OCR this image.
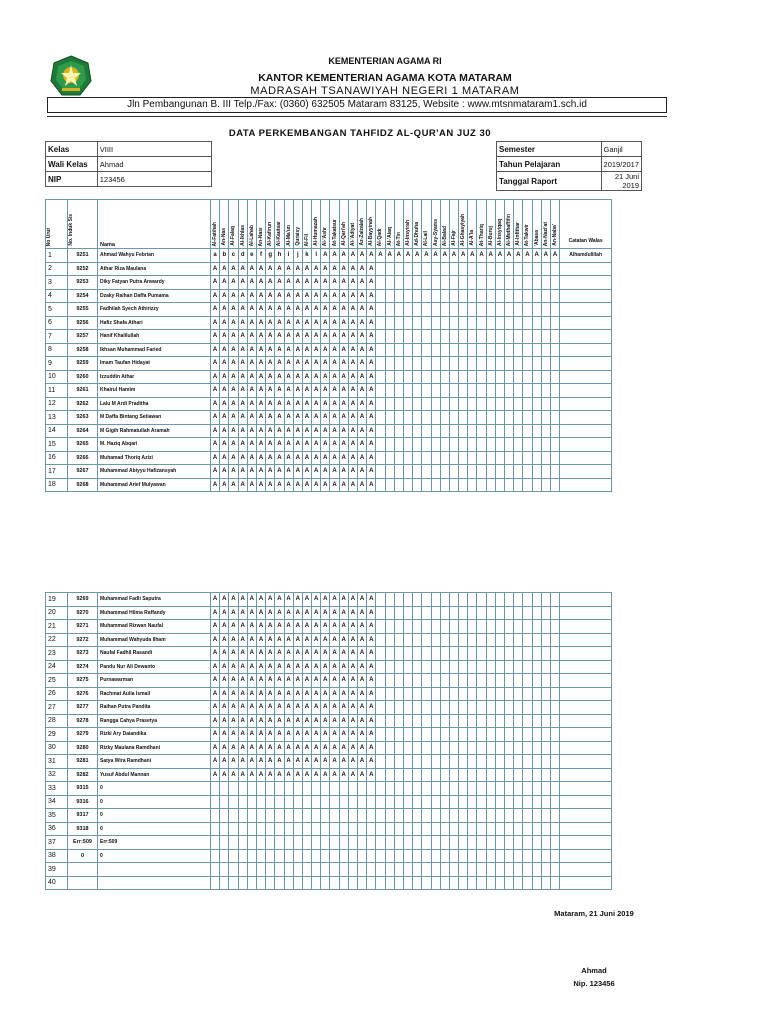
KEMENTERIAN AGAMA RI
KANTOR KEMENTERIAN AGAMA KOTA MATARAM
MADRASAH TSANAWIYAH NEGERI 1 MATARAM
Jln Pembangunan B. III Telp./Fax: (0360) 632505 Mataram 83125, Website : www.mtsnmataram1.sch.id
DATA PERKEMBANGAN TAHFIDZ AL-QUR'AN JUZ 30
Kelas	VIIII
Wali Kelas	Ahmad
NIP	123456
Semester	Ganjil
Tahun Pelajaran	2019/2017
Tanggal Raport	21 Juni 2019
No Urut	No. Induk Sis	Nama	Al-Fatihah	An-Nas	Al-Falaq	Al-Ikhlas	Al-Lahab	An-Nasr	Al-Kafirun	Al-Kautsar	Al-Ma'un	Quraisy	Al-Fil	Al-Humazah	Al-'Ashr	At-Takatsur	Al-Qari'ah	Al-'Adiyat	Az-Zalzalah	Al-Bayyinah	Al-Qadr	Al-'Alaq	At-Tin	Al-Insyirah	Ad-Dhuha	Al-Lail	Asy-Syams	Al-Balad	Al-Fajr	Al-Ghasyiyah	Al-A'la	At-Thariq	Al-Buruj	Al-Insyiqaq	Al-Muthaffifin	Al-Infithar	At-Takwir	'Abasa	An-Nazi'at	An-Naba'	Catatan Walas
1	9251	Ahmad Wahyu Febrian	a	b	c	d	e	f	g	h	i	j	k	l	A	A	A	A	A	A	A	A	A	A	A	A	A	A	A	A	A	A	A	A	A	A	A	A	A	A	Alhamdulillah
2	9252	Athar Riza Maulana	A	A	A	A	A	A	A	A	A	A	A	A	A	A	A	A	A	A																					
3	9253	Diky Fatyan Putra Anwardy	A	A	A	A	A	A	A	A	A	A	A	A	A	A	A	A	A	A																					
4	9254	Dzaky Raihan Daffa Pumama	A	A	A	A	A	A	A	A	A	A	A	A	A	A	A	A	A	A																					
5	9255	Fadhilah Syech Athirizzy	A	A	A	A	A	A	A	A	A	A	A	A	A	A	A	A	A	A																					
6	9256	Hafiz Shafa Athari	A	A	A	A	A	A	A	A	A	A	A	A	A	A	A	A	A	A																					
7	9257	Hanif Khalilullah	A	A	A	A	A	A	A	A	A	A	A	A	A	A	A	A	A	A																					
8	9258	Ikhsan Muhammad Faried	A	A	A	A	A	A	A	A	A	A	A	A	A	A	A	A	A	A																					
9	9259	Imam Taufan Hidayat	A	A	A	A	A	A	A	A	A	A	A	A	A	A	A	A	A	A																					
10	9260	Izzuddin Athar	A	A	A	A	A	A	A	A	A	A	A	A	A	A	A	A	A	A																					
11	9261	Khairul Hamim	A	A	A	A	A	A	A	A	A	A	A	A	A	A	A	A	A	A																					
12	9262	Lalu M Ardi Praditha	A	A	A	A	A	A	A	A	A	A	A	A	A	A	A	A	A	A																					
13	9263	M Daffa Bintang Setiawan	A	A	A	A	A	A	A	A	A	A	A	A	A	A	A	A	A	A																					
14	9264	M Gigih Rahmatullah Aramah	A	A	A	A	A	A	A	A	A	A	A	A	A	A	A	A	A	A																					
15	9265	M. Haziq Abqari	A	A	A	A	A	A	A	A	A	A	A	A	A	A	A	A	A	A																					
16	9266	Muhamad Thoriq Azizi	A	A	A	A	A	A	A	A	A	A	A	A	A	A	A	A	A	A																					
17	9267	Muhammad Abiyyu Hafizansyah	A	A	A	A	A	A	A	A	A	A	A	A	A	A	A	A	A	A																					
18	9268	Muhammad Arief Mulyawan	A	A	A	A	A	A	A	A	A	A	A	A	A	A	A	A	A	A																					
19	9269	Muhammad Fadli Saputra	A	A	A	A	A	A	A	A	A	A	A	A	A	A	A	A	A	A																					
20	9270	Muhammad Hilma Raffandy	A	A	A	A	A	A	A	A	A	A	A	A	A	A	A	A	A	A																					
21	9271	Muhammad Rizwan Naufal	A	A	A	A	A	A	A	A	A	A	A	A	A	A	A	A	A	A																					
22	9272	Muhammad Wahyuda Ilham	A	A	A	A	A	A	A	A	A	A	A	A	A	A	A	A	A	A																					
23	9273	Naufal Fadhil Rasandi	A	A	A	A	A	A	A	A	A	A	A	A	A	A	A	A	A	A																					
24	9274	Pandu Nur Ali Dewanto	A	A	A	A	A	A	A	A	A	A	A	A	A	A	A	A	A	A																					
25	9275	Purnawarman	A	A	A	A	A	A	A	A	A	A	A	A	A	A	A	A	A	A																					
26	9276	Rachmat Aulia Ismail	A	A	A	A	A	A	A	A	A	A	A	A	A	A	A	A	A	A																					
27	9277	Raihan Putra Pandita	A	A	A	A	A	A	A	A	A	A	A	A	A	A	A	A	A	A																					
28	9278	Rangga Cahya Prasetya	A	A	A	A	A	A	A	A	A	A	A	A	A	A	A	A	A	A																					
29	9279	Rizki Ary Daiandika	A	A	A	A	A	A	A	A	A	A	A	A	A	A	A	A	A	A																					
30	9280	Rizky Maulana Ramdhani	A	A	A	A	A	A	A	A	A	A	A	A	A	A	A	A	A	A																					
31	9281	Satya Wira Ramdhani	A	A	A	A	A	A	A	A	A	A	A	A	A	A	A	A	A	A																					
32	9282	Yusuf Abdul Mannan	A	A	A	A	A	A	A	A	A	A	A	A	A	A	A	A	A	A																					
33	9315	0																																							
34	9316	0																																							
35	9317	0																																							
36	9318	0																																							
37	Err:509	Err:509																																							
38	0	0																																							
39																																									
40																																									
Mataram, 21 Juni 2019
Ahmad
Nip. 123456
